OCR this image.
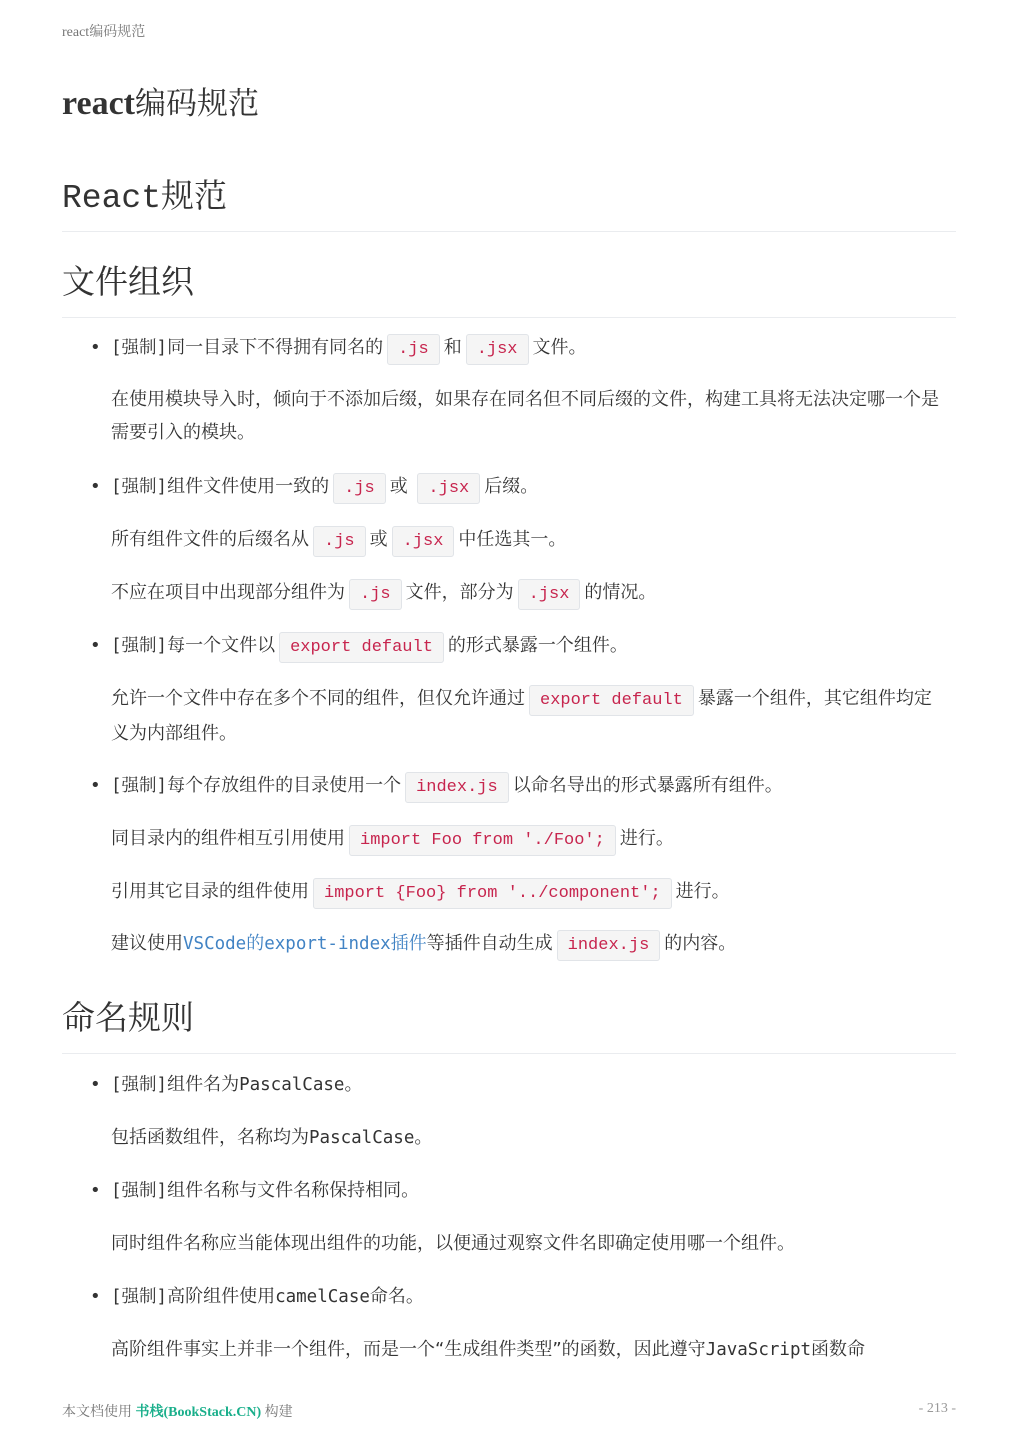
react编码规范
react编码规范
React规范
文件组织

• [强制]同一目录下不得拥有同名的 .js 和 .jsx 文件。

在使用模块导入时，倾向于不添加后缀，如果存在同名但不同后缀的文件，构建工具将无法决定哪一个是需要引入的模块。

• [强制]组件文件使用一致的 .js 或 .jsx 后缀。

所有组件文件的后缀名从 .js 或 .jsx 中任选其一。

不应在项目中出现部分组件为 .js 文件，部分为 .jsx 的情况。

• [强制]每一个文件以 export default 的形式暴露一个组件。

允许一个文件中存在多个不同的组件，但仅允许通过 export default 暴露一个组件，其它组件均定义为内部组件。

• [强制]每个存放组件的目录使用一个 index.js 以命名导出的形式暴露所有组件。

同目录内的组件相互引用使用 import Foo from './Foo'; 进行。

引用其它目录的组件使用 import {Foo} from '../component'; 进行。

建议使用VSCode的export-index插件等插件自动生成 index.js 的内容。

命名规则

• [强制]组件名为PascalCase。

包括函数组件，名称均为PascalCase。

• [强制]组件名称与文件名称保持相同。

同时组件名称应当能体现出组件的功能，以便通过观察文件名即确定使用哪一个组件。

• [强制]高阶组件使用camelCase命名。

高阶组件事实上并非一个组件，而是一个“生成组件类型”的函数，因此遵守JavaScript函数命

本文档使用 书栈(BookStack.CN) 构建	- 213 -
